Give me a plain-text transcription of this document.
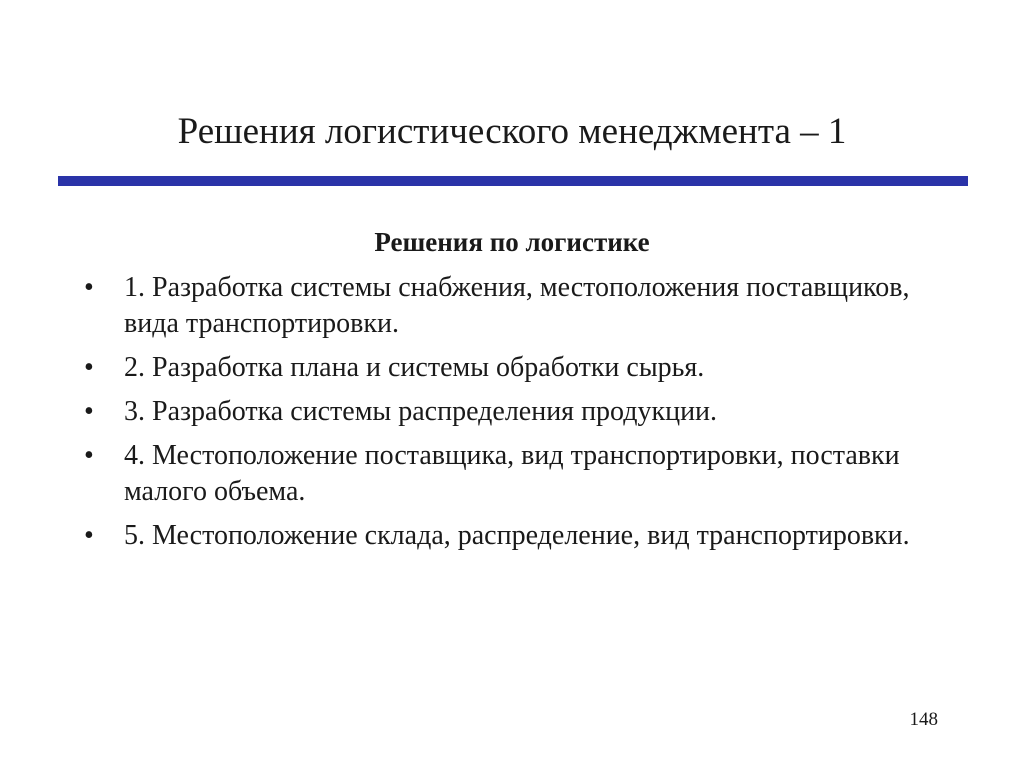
Решения логистического менеджмента – 1
Решения по логистике
•	1. Разработка системы снабжения, местоположения поставщиков, вида транспортировки.
•	2. Разработка плана и системы обработки сырья.
•	3. Разработка системы распределения продукции.
•	4. Местоположение поставщика, вид транспортировки, поставки малого объема.
•	5. Местоположение склада, распределение, вид транспортировки.
148
